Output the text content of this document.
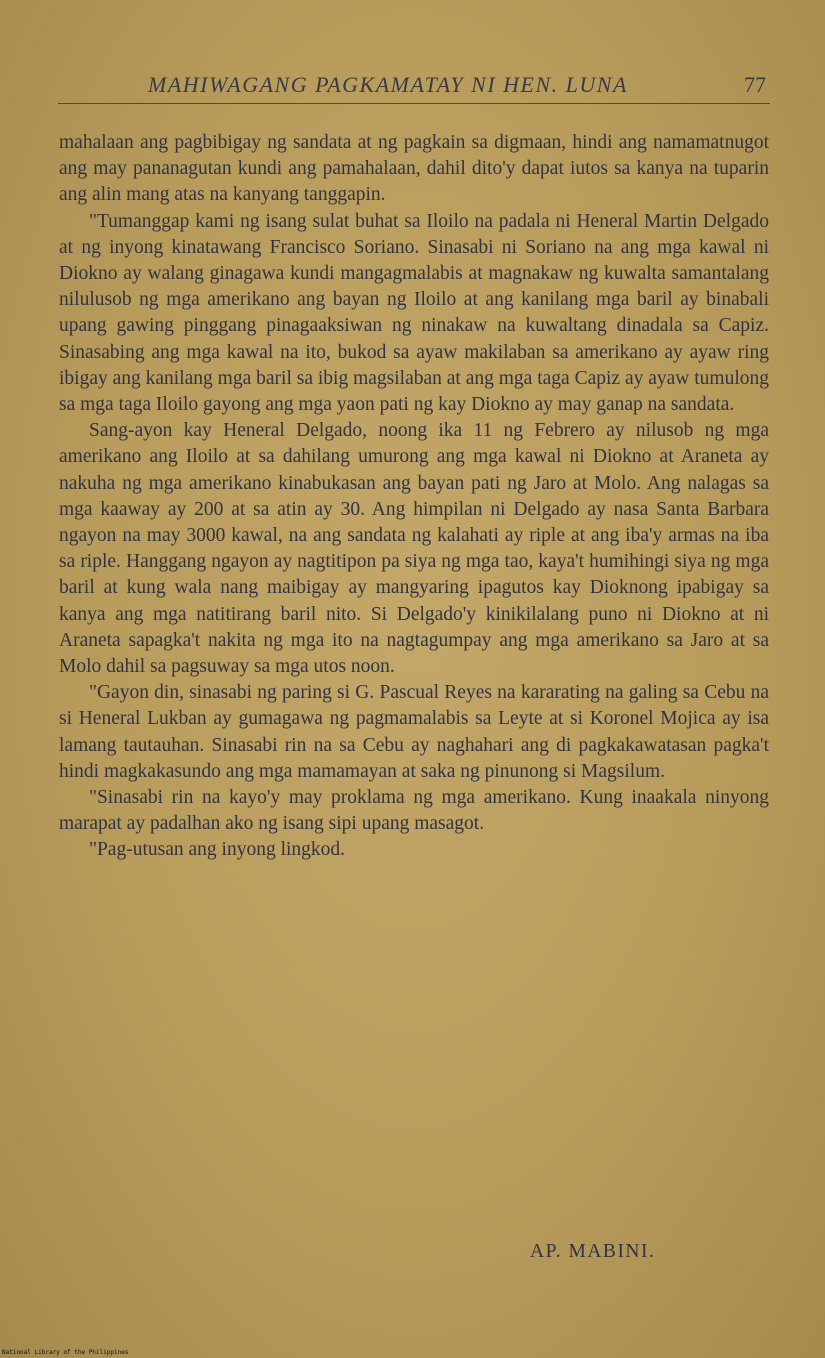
MAHIWAGANG PAGKAMATAY NI HEN. LUNA	77

mahalaan ang pagbibigay ng sandata at ng pagkain sa digmaan, hindi ang namamatnugot ang may pananagutan kundi ang pamahalaan, dahil dito'y dapat iutos sa kanya na tuparin ang alin mang atas na kanyang tanggapin.

"Tumanggap kami ng isang sulat buhat sa Iloilo na padala ni Heneral Martin Delgado at ng inyong kinatawang Francisco Soriano. Sinasabi ni Soriano na ang mga kawal ni Diokno ay walang ginagawa kundi mangagmalabis at magnakaw ng kuwalta samantalang nilulusob ng mga amerikano ang bayan ng Iloilo at ang kanilang mga baril ay binabali upang gawing pinggang pinagaaksiwan ng ninakaw na kuwaltang dinadala sa Capiz. Sinasabing ang mga kawal na ito, bukod sa ayaw makilaban sa amerikano ay ayaw ring ibigay ang kanilang mga baril sa ibig magsilaban at ang mga taga Capiz ay ayaw tumulong sa mga taga Iloilo gayong ang mga yaon pati ng kay Diokno ay may ganap na sandata.

Sang-ayon kay Heneral Delgado, noong ika 11 ng Febrero ay nilusob ng mga amerikano ang Iloilo at sa dahilang umurong ang mga kawal ni Diokno at Araneta ay nakuha ng mga amerikano kinabukasan ang bayan pati ng Jaro at Molo. Ang nalagas sa mga kaaway ay 200 at sa atin ay 30. Ang himpilan ni Delgado ay nasa Santa Barbara ngayon na may 3000 kawal, na ang sandata ng kalahati ay riple at ang iba'y armas na iba sa riple. Hanggang ngayon ay nagtitipon pa siya ng mga tao, kaya't humihingi siya ng mga baril at kung wala nang maibigay ay mangyaring ipagutos kay Dioknong ipabigay sa kanya ang mga natitirang baril nito. Si Delgado'y kinikilalang puno ni Diokno at ni Araneta sapagka't nakita ng mga ito na nagtagumpay ang mga amerikano sa Jaro at sa Molo dahil sa pagsuway sa mga utos noon.

"Gayon din, sinasabi ng paring si G. Pascual Reyes na kararating na galing sa Cebu na si Heneral Lukban ay gumagawa ng pagmamalabis sa Leyte at si Koronel Mojica ay isa lamang tautauhan. Sinasabi rin na sa Cebu ay naghahari ang di pagkakawatasan pagka't hindi magkakasundo ang mga mamamayan at saka ng pinunong si Magsilum.

"Sinasabi rin na kayo'y may proklama ng mga amerikano. Kung inaakala ninyong marapat ay padalhan ako ng isang sipi upang masagot.

"Pag-utusan ang inyong lingkod.

AP. MABINI.
National Library of the Philippines
